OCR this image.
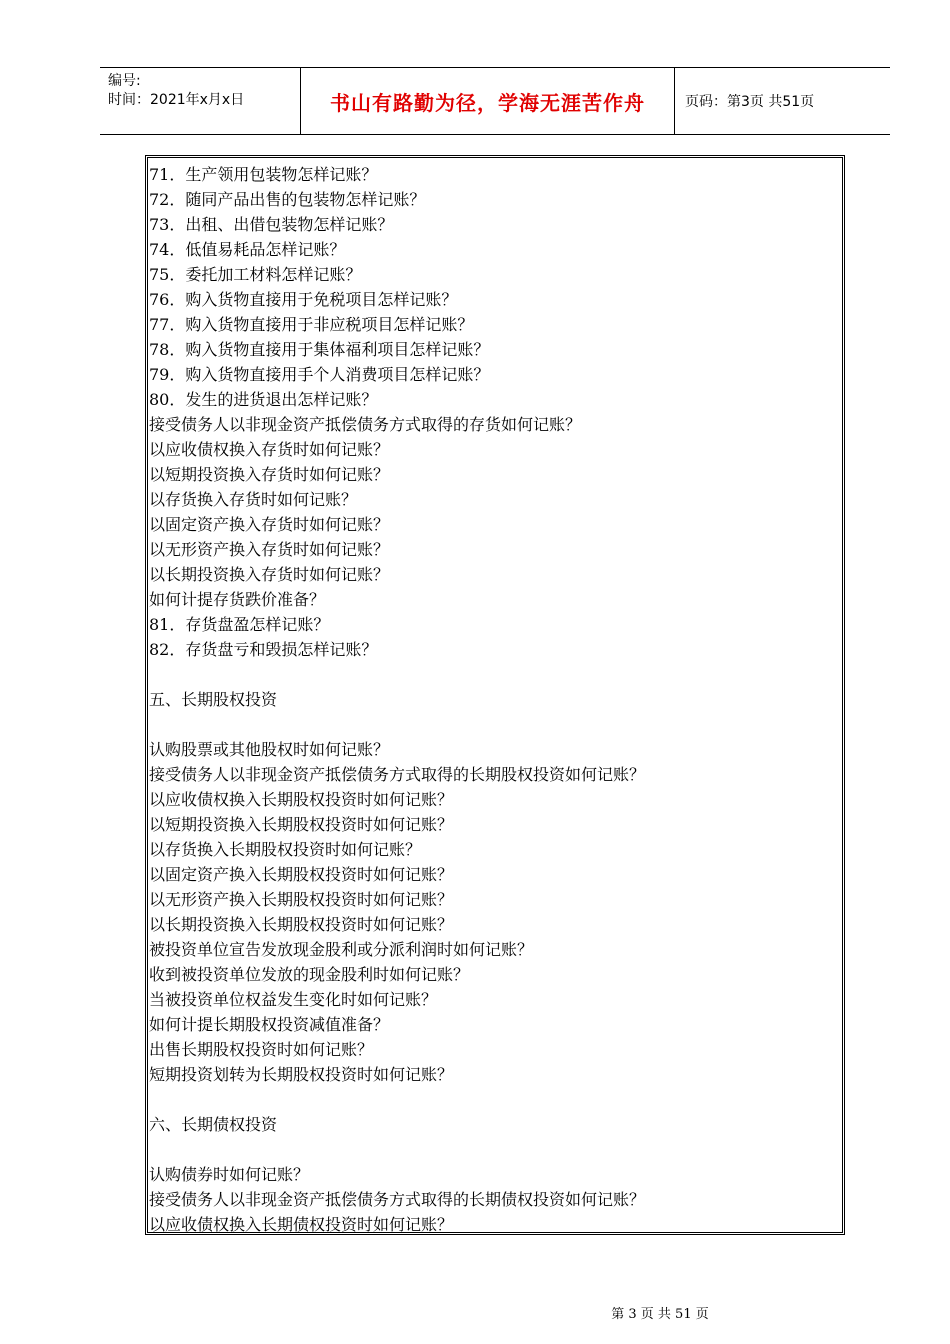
编号:
时间：2021年x月x日	书山有路勤为径，学海无涯苦作舟	页码：第3页 共51页
71．生产领用包装物怎样记账？
72．随同产品出售的包装物怎样记账？
73．出租、出借包装物怎样记账？
74．低值易耗品怎样记账？
75．委托加工材料怎样记账？
76．购入货物直接用于免税项目怎样记账？
77．购入货物直接用于非应税项目怎样记账？
78．购入货物直接用于集体福利项目怎样记账？
79．购入货物直接用手个人消费项目怎样记账？
80．发生的进货退出怎样记账？
接受债务人以非现金资产抵偿债务方式取得的存货如何记账？
以应收债权换入存货时如何记账？
以短期投资换入存货时如何记账？
以存货换入存货时如何记账？
以固定资产换入存货时如何记账？
以无形资产换入存货时如何记账？
以长期投资换入存货时如何记账？
如何计提存货跌价准备？
81．存货盘盈怎样记账？
82．存货盘亏和毁损怎样记账？
五、长期股权投资
认购股票或其他股权时如何记账？
接受债务人以非现金资产抵偿债务方式取得的长期股权投资如何记账？
以应收债权换入长期股权投资时如何记账？
以短期投资换入长期股权投资时如何记账？
以存货换入长期股权投资时如何记账？
以固定资产换入长期股权投资时如何记账？
以无形资产换入长期股权投资时如何记账？
以长期投资换入长期股权投资时如何记账？
被投资单位宣告发放现金股利或分派利润时如何记账？
收到被投资单位发放的现金股利时如何记账？
当被投资单位权益发生变化时如何记账？
如何计提长期股权投资减值准备？
出售长期股权投资时如何记账？
短期投资划转为长期股权投资时如何记账？
六、长期债权投资
认购债券时如何记账？
接受债务人以非现金资产抵偿债务方式取得的长期债权投资如何记账？
以应收债权换入长期债权投资时如何记账？
第 3 页 共 51 页
